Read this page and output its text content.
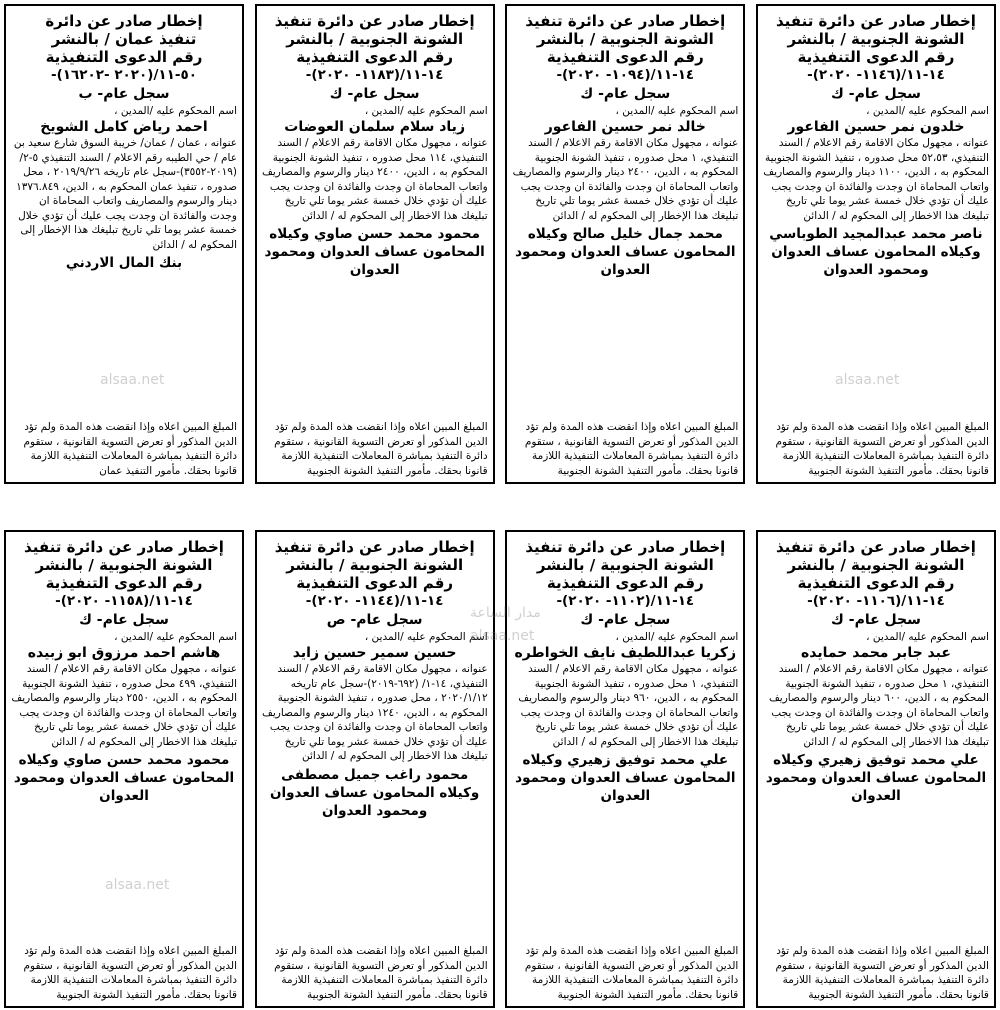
إخطار صادر عن دائرة تنفيذ
الشونة الجنوبية / بالنشر
رقم الدعوى التنفيذية
١٤-١١/(١١٤٦- ٢٠٢٠)-
سجل عام- ك
اسم المحكوم عليه /المدين ،
خلدون نمر حسين الفاعور
عنوانه ، مجهول مكان الاقامة رقم الاعلام / السند التنفيذي، ٥٢،٥٣ محل صدوره ، تنفيذ الشونة الجنوبية المحكوم به ، الدين، ١١٠٠ دينار والرسوم والمصاريف واتعاب المحاماة ان وجدت والفائدة ان وجدت يجب عليك أن تؤدي خلال خمسة عشر يوما تلي تاريخ تبليغك هذا الاخطار إلى المحكوم له / الدائن
ناصر محمد عبدالمجيد الطوباسي وكيلاه المحامون عساف العدوان ومحمود العدوان
المبلغ المبين اعلاه وإذا انقضت هذه المدة ولم تؤد الدين المذكور أو تعرض التسوية القانونية ، ستقوم دائرة التنفيذ بمباشرة المعاملات التنفيذية اللازمة قانونا بحقك. مأمور التنفيذ الشونة الجنوبية
إخطار صادر عن دائرة تنفيذ
الشونة الجنوبية / بالنشر
رقم الدعوى التنفيذية
١٤-١١/(١٠٩٤- ٢٠٢٠)-
سجل عام- ك
اسم المحكوم عليه /المدين ،
خالد نمر حسين الفاعور
عنوانه ، مجهول مكان الاقامة رقم الاعلام / السند التنفيذي، ١ محل صدوره ، تنفيذ الشونة الجنوبية المحكوم به ، الدين، ٢٤٠٠ دينار والرسوم والمصاريف واتعاب المحاماة ان وجدت والفائدة ان وجدت يجب عليك أن تؤدي خلال خمسة عشر يوما تلي تاريخ تبليغك هذا الإخطار إلى المحكوم له / الدائن
محمد جمال خليل صالح وكيلاه المحامون عساف العدوان ومحمود العدوان
المبلغ المبين اعلاه وإذا انقضت هذه المدة ولم تؤد الدين المذكور أو تعرض التسوية القانونية ، ستقوم دائرة التنفيذ بمباشرة المعاملات التنفيذية اللازمة قانونا بحقك. مأمور التنفيذ الشونة الجنوبية
إخطار صادر عن دائرة تنفيذ
الشونة الجنوبية / بالنشر
رقم الدعوى التنفيذية
١٤-١١/(١١٨٣- ٢٠٢٠)-
سجل عام- ك
اسم المحكوم عليه /المدين ،
زياد سلام سلمان العوضات
عنوانه ، مجهول مكان الاقامة رقم الاعلام / السند التنفيذي، ١١٤ محل صدوره ، تنفيذ الشونة الجنوبية المحكوم به ، الدين، ٢٤٠٠ دينار والرسوم والمصاريف واتعاب المحاماة ان وجدت والفائدة ان وجدت يجب عليك أن تؤدي خلال خمسة عشر يوما تلي تاريخ تبليغك هذا الاخطار إلى المحكوم له / الدائن
محمود محمد حسن صاوي وكيلاه المحامون عساف العدوان ومحمود العدوان
المبلغ المبين اعلاه وإذا انقضت هذه المدة ولم تؤد الدين المذكور أو تعرض التسوية القانونية ، ستقوم دائرة التنفيذ بمباشرة المعاملات التنفيذية اللازمة قانونا بحقك. مأمور التنفيذ الشونة الجنوبية
إخطار صادر عن دائرة
تنفيذ عمان / بالنشر
رقم الدعوى التنفيذية
٥٠-١١/(٢٠٢٠ -١٦٢٠٢)-
سجل عام- ب
اسم المحكوم عليه /المدين ،
احمد رياض كامل الشويخ
عنوانه ، عمان / عمان/ خريبة السوق شارع سعيد بن عام / حي الطيبه رقم الاعلام / السند التنفيذي ٥-٢/ (٢٠١٩-٣٥٥٢)-سجل عام تاريخه ٢٠١٩/٩/٢٦ ، محل صدوره ، تنفيذ عمان المحكوم به ، الدين، ١٣٧٦.٨٤٩ دينار والرسوم والمصاريف واتعاب المحاماة ان وجدت والفائدة ان وجدت يجب عليك أن تؤدي خلال خمسة عشر يوما تلي تاريخ تبليغك هذا الإخطار إلى المحكوم له / الدائن
بنك المال الاردني
المبلغ المبين اعلاه وإذا انقضت هذه المدة ولم تؤد الدين المذكور أو تعرض التسوية القانونية ، ستقوم دائرة التنفيذ بمباشرة المعاملات التنفيذية اللازمة قانونا بحقك. مأمور التنفيذ عمان
إخطار صادر عن دائرة تنفيذ
الشونة الجنوبية / بالنشر
رقم الدعوى التنفيذية
١٤-١١/(١١٠٦- ٢٠٢٠)-
سجل عام- ك
اسم المحكوم عليه /المدين ،
عبد جابر محمد حمايده
عنوانه ، مجهول مكان الاقامة رقم الاعلام / السند التنفيذي، ١ محل صدوره ، تنفيذ الشونة الجنوبية المحكوم به ، الدين، ٦٠٠ دينار والرسوم والمصاريف واتعاب المحاماة ان وجدت والفائدة ان وجدت يجب عليك أن تؤدي خلال خمسة عشر يوما تلي تاريخ تبليغك هذا الاخطار إلى المحكوم له / الدائن
علي محمد توفيق زهيري وكيلاه المحامون عساف العدوان ومحمود العدوان
المبلغ المبين اعلاه وإذا انقضت هذه المدة ولم تؤد الدين المذكور أو تعرض التسوية القانونية ، ستقوم دائرة التنفيذ بمباشرة المعاملات التنفيذية اللازمة قانونا بحقك. مأمور التنفيذ الشونة الجنوبية
إخطار صادر عن دائرة تنفيذ
الشونة الجنوبية / بالنشر
رقم الدعوى التنفيذية
١٤-١١/(١١٠٢- ٢٠٢٠)-
سجل عام- ك
اسم المحكوم عليه /المدين ،
زكريا عبداللطيف نايف الخواطره
عنوانه ، مجهول مكان الاقامة رقم الاعلام / السند التنفيذي، ١ محل صدوره ، تنفيذ الشونة الجنوبية المحكوم به ، الدين، ٩٦٠ دينار والرسوم والمصاريف واتعاب المحاماة ان وجدت والفائدة ان وجدت يجب عليك أن تؤدي خلال خمسة عشر يوما تلي تاريخ تبليغك هذا الاخطار إلى المحكوم له / الدائن
علي محمد توفيق زهيري وكيلاه المحامون عساف العدوان ومحمود العدوان
المبلغ المبين اعلاه وإذا انقضت هذه المدة ولم تؤد الدين المذكور أو تعرض التسوية القانونية ، ستقوم دائرة التنفيذ بمباشرة المعاملات التنفيذية اللازمة قانونا بحقك. مأمور التنفيذ الشونة الجنوبية
إخطار صادر عن دائرة تنفيذ
الشونة الجنوبية / بالنشر
رقم الدعوى التنفيذية
١٤-١١/(١١٤٤- ٢٠٢٠)-
سجل عام- ص
اسم المحكوم عليه /المدين ،
حسين سمير حسين زايد
عنوانه ، مجهول مكان الاقامة رقم الاعلام / السند التنفيذي، ١٤-١/ (٦٩٢-٢٠١٩)-سجل عام تاريخه ٢٠٢٠/١/١٢ ، محل صدوره ، تنفيذ الشونة الجنوبية المحكوم به ، الدين، ١٢٤٠ دينار والرسوم والمصاريف واتعاب المحاماة ان وجدت والفائدة ان وجدت يجب عليك أن تؤدي خلال خمسة عشر يوما تلي تاريخ تبليغك هذا الاخطار إلى المحكوم له / الدائن
محمود راغب جميل مصطفى وكيلاه المحامون عساف العدوان ومحمود العدوان
المبلغ المبين اعلاه وإذا انقضت هذه المدة ولم تؤد الدين المذكور أو تعرض التسوية القانونية ، ستقوم دائرة التنفيذ بمباشرة المعاملات التنفيذية اللازمة قانونا بحقك. مأمور التنفيذ الشونة الجنوبية
إخطار صادر عن دائرة تنفيذ
الشونة الجنوبية / بالنشر
رقم الدعوى التنفيذية
١٤-١١/(١١٥٨- ٢٠٢٠)-
سجل عام- ك
اسم المحكوم عليه /المدين ،
هاشم احمد مرزوق ابو زبيده
عنوانه ، مجهول مكان الاقامة رقم الاعلام / السند التنفيذي، ٤٩٩ محل صدوره ، تنفيذ الشونة الجنوبية المحكوم به ، الدين، ٢٥٥٠ دينار والرسوم والمصاريف واتعاب المحاماة ان وجدت والفائدة ان وجدت يجب عليك أن تؤدي خلال خمسة عشر يوما تلي تاريخ تبليغك هذا الاخطار إلى المحكوم له / الدائن
محمود محمد حسن صاوي وكيلاه المحامون عساف العدوان ومحمود العدوان
المبلغ المبين اعلاه وإذا انقضت هذه المدة ولم تؤد الدين المذكور أو تعرض التسوية القانونية ، ستقوم دائرة التنفيذ بمباشرة المعاملات التنفيذية اللازمة قانونا بحقك. مأمور التنفيذ الشونة الجنوبية
alsaa.net	alsaa.net
alsaa.net
مدار الساعة
alsaa.net
